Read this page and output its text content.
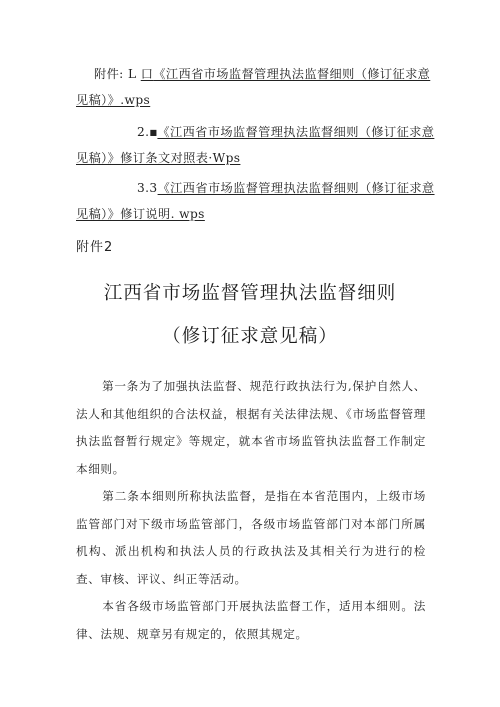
附件: L 口《江西省市场监督管理执法监督细则（修订征求意
见稿）》.wps
2.■《江西省市场监督管理执法监督细则（修订征求意
见稿）》修订条文对照表·Wps
3.3《江西省市场监督管理执法监督细则（修订征求意
见稿）》修订说明. wps
附件2
江西省市场监督管理执法监督细则
（修订征求意见稿）

第一条为了加强执法监督、规范行政执法行为,保护自然人、法人和其他组织的合法权益，根据有关法律法规、《市场监督管理执法监督暂行规定》等规定，就本省市场监管执法监督工作制定本细则。

第二条本细则所称执法监督，是指在本省范围内，上级市场监管部门对下级市场监管部门，各级市场监管部门对本部门所属机构、派出机构和执法人员的行政执法及其相关行为进行的检查、审核、评议、纠正等活动。

本省各级市场监管部门开展执法监督工作，适用本细则。法律、法规、规章另有规定的，依照其规定。
